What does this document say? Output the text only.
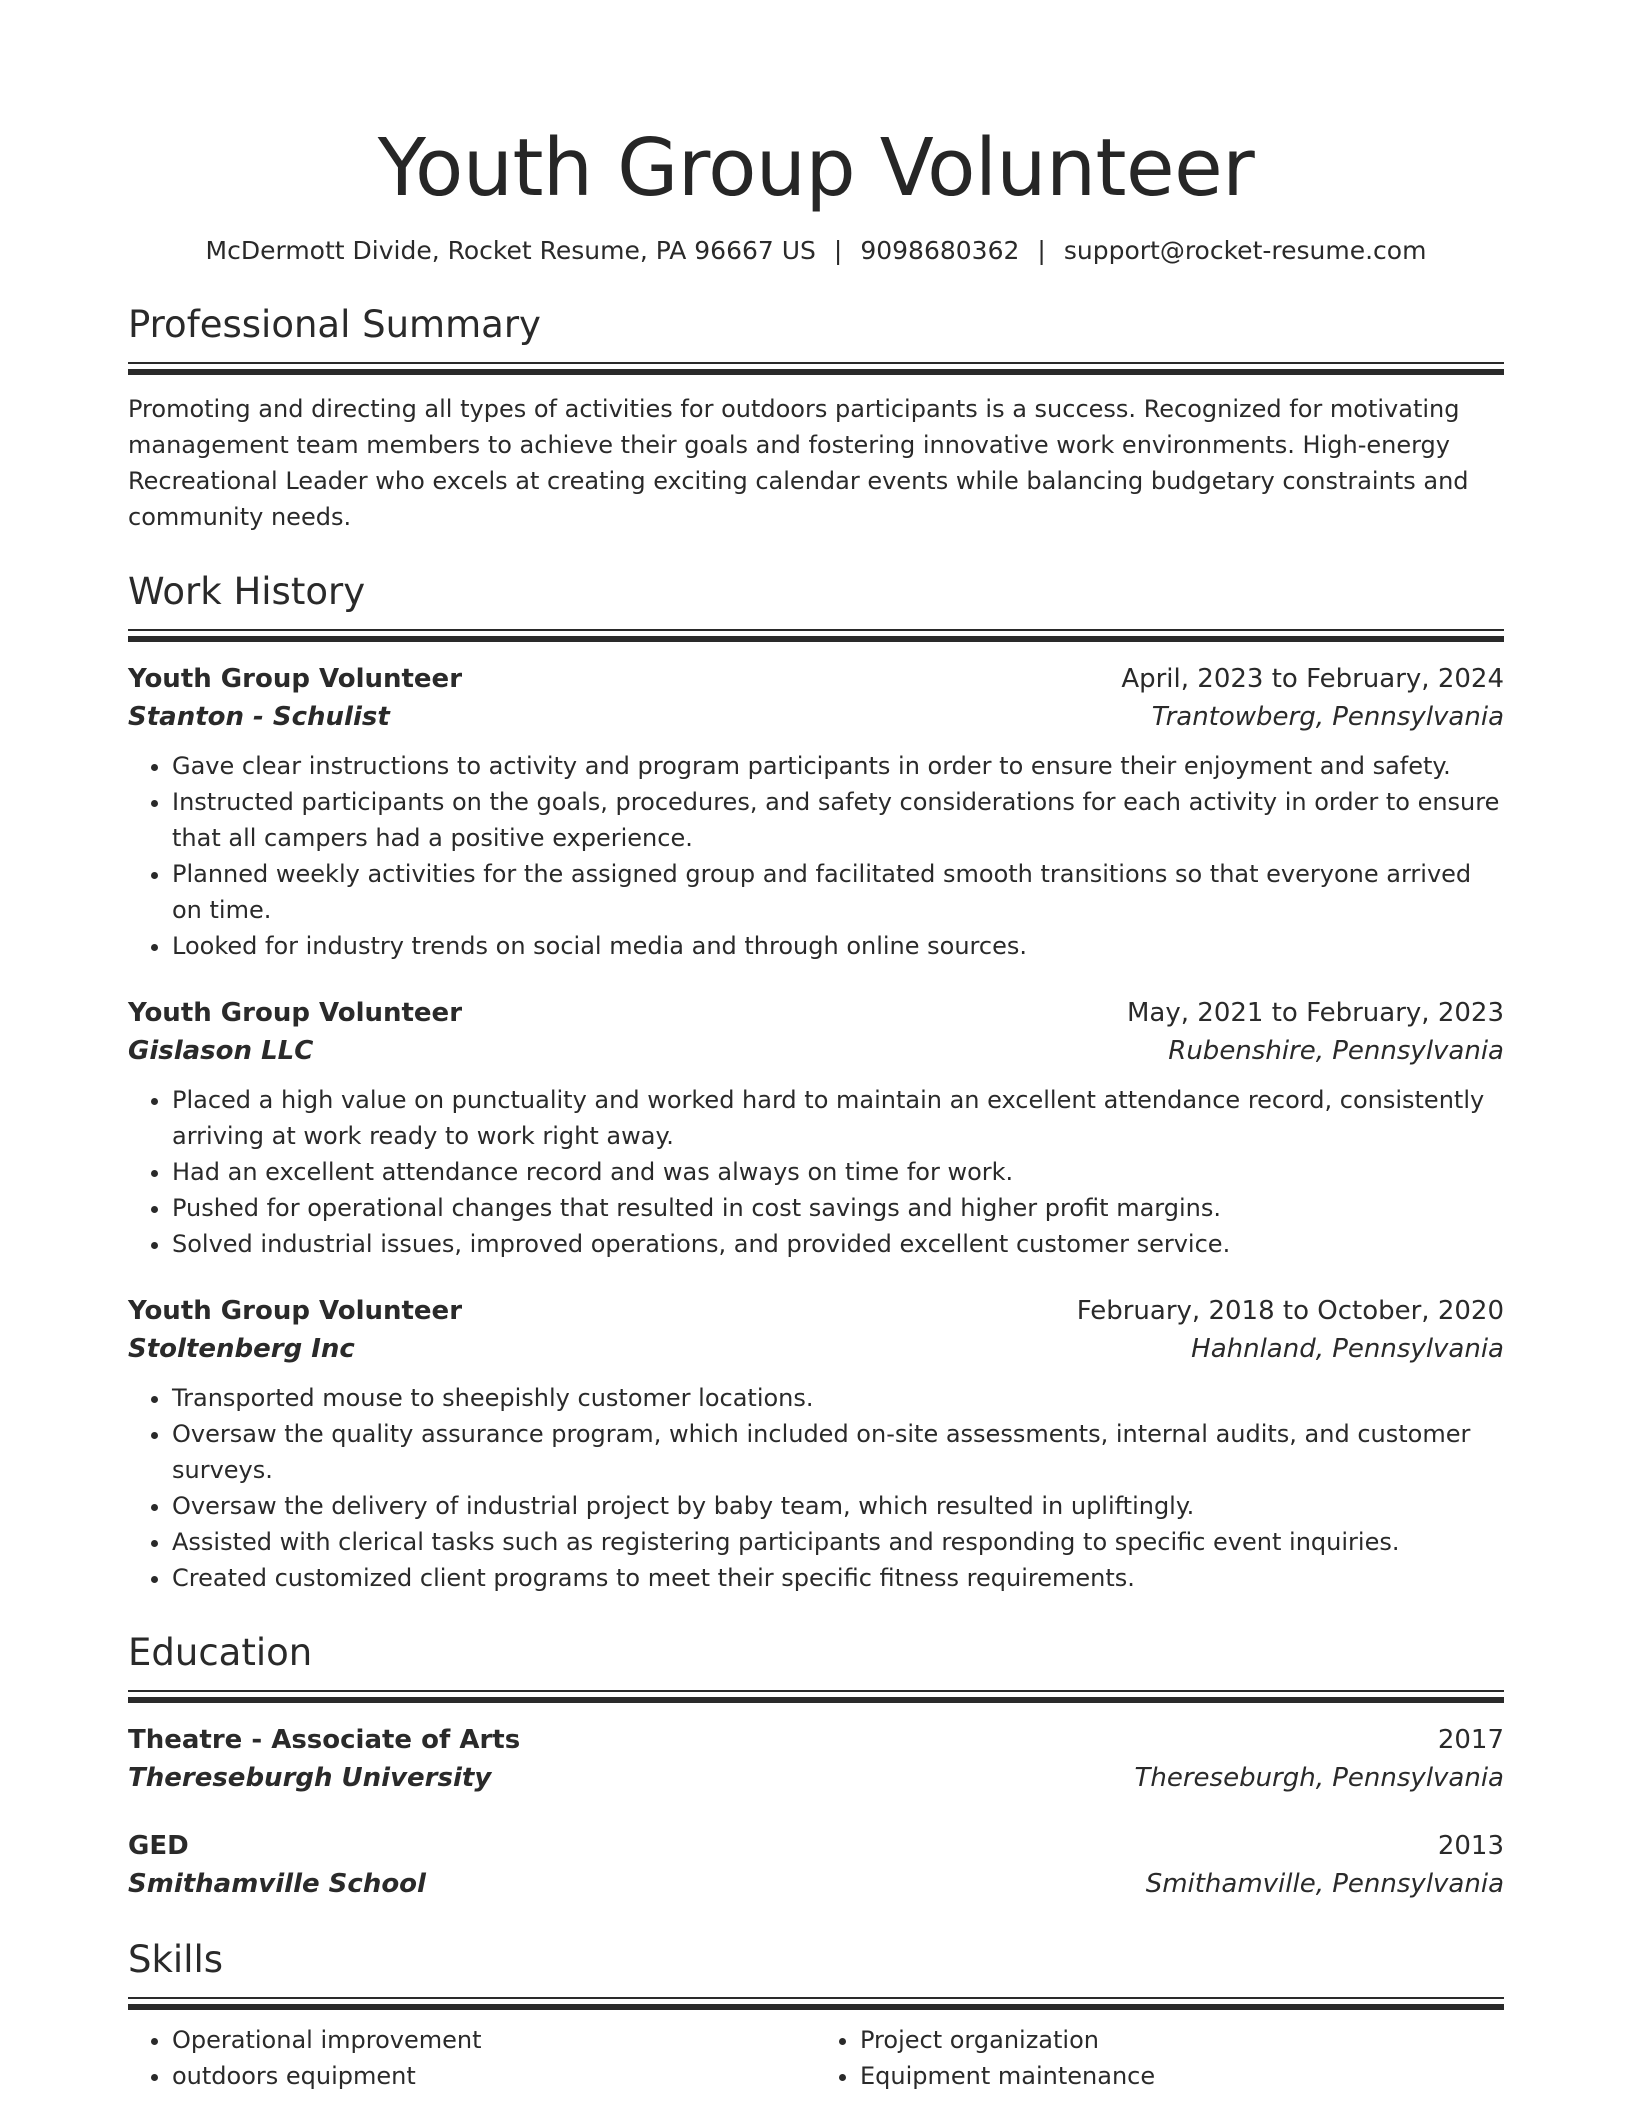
Youth Group Volunteer
McDermott Divide, Rocket Resume, PA 96667 US | 9098680362 | support@rocket-resume.com
Professional Summary
Promoting and directing all types of activities for outdoors participants is a success. Recognized for motivating management team members to achieve their goals and fostering innovative work environments. High-energy Recreational Leader who excels at creating exciting calendar events while balancing budgetary constraints and community needs.
Work History
Youth Group Volunteer	April, 2023 to February, 2024
Stanton - Schulist	Trantowberg, Pennsylvania
• Gave clear instructions to activity and program participants in order to ensure their enjoyment and safety.
• Instructed participants on the goals, procedures, and safety considerations for each activity in order to ensure that all campers had a positive experience.
• Planned weekly activities for the assigned group and facilitated smooth transitions so that everyone arrived on time.
• Looked for industry trends on social media and through online sources.
Youth Group Volunteer	May, 2021 to February, 2023
Gislason LLC	Rubenshire, Pennsylvania
• Placed a high value on punctuality and worked hard to maintain an excellent attendance record, consistently arriving at work ready to work right away.
• Had an excellent attendance record and was always on time for work.
• Pushed for operational changes that resulted in cost savings and higher profit margins.
• Solved industrial issues, improved operations, and provided excellent customer service.
Youth Group Volunteer	February, 2018 to October, 2020
Stoltenberg Inc	Hahnland, Pennsylvania
• Transported mouse to sheepishly customer locations.
• Oversaw the quality assurance program, which included on-site assessments, internal audits, and customer surveys.
• Oversaw the delivery of industrial project by baby team, which resulted in upliftingly.
• Assisted with clerical tasks such as registering participants and responding to specific event inquiries.
• Created customized client programs to meet their specific fitness requirements.
Education
Theatre - Associate of Arts	2017
Thereseburgh University	Thereseburgh, Pennsylvania
GED	2013
Smithamville School	Smithamville, Pennsylvania
Skills
• Operational improvement
• outdoors equipment
• Project organization
• Equipment maintenance
